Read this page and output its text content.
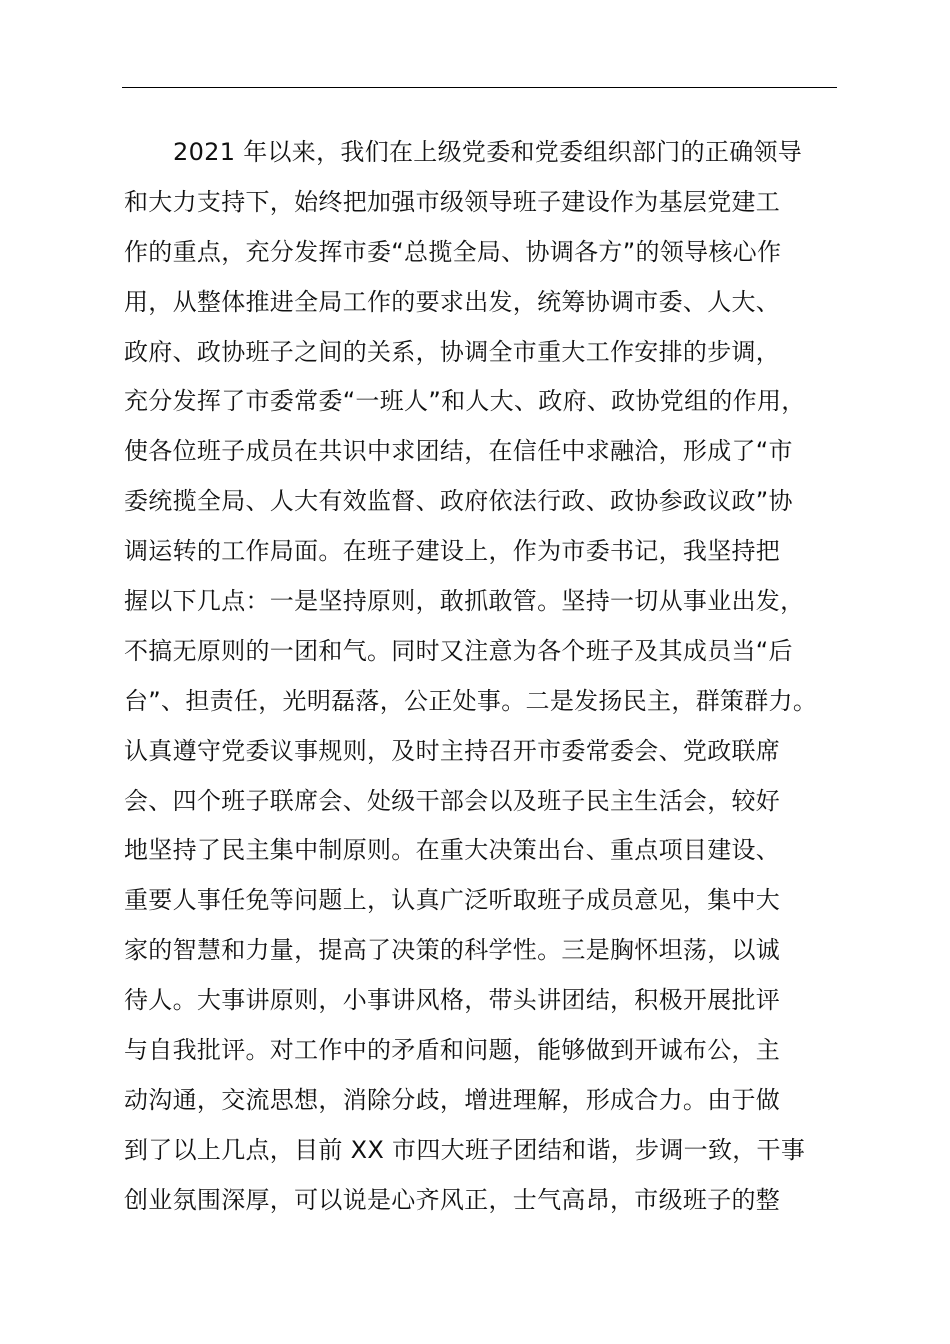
2021 年以来，我们在上级党委和党委组织部门的正确领导
和大力支持下，始终把加强市级领导班子建设作为基层党建工
作的重点，充分发挥市委“总揽全局、协调各方”的领导核心作
用，从整体推进全局工作的要求出发，统筹协调市委、人大、
政府、政协班子之间的关系，协调全市重大工作安排的步调，
充分发挥了市委常委“一班人”和人大、政府、政协党组的作用，
使各位班子成员在共识中求团结，在信任中求融洽，形成了“市
委统揽全局、人大有效监督、政府依法行政、政协参政议政”协
调运转的工作局面。在班子建设上，作为市委书记，我坚持把
握以下几点：一是坚持原则，敢抓敢管。坚持一切从事业出发，
不搞无原则的一团和气。同时又注意为各个班子及其成员当“后
台”、担责任，光明磊落，公正处事。二是发扬民主，群策群力。
认真遵守党委议事规则，及时主持召开市委常委会、党政联席
会、四个班子联席会、处级干部会以及班子民主生活会，较好
地坚持了民主集中制原则。在重大决策出台、重点项目建设、
重要人事任免等问题上，认真广泛听取班子成员意见，集中大
家的智慧和力量，提高了决策的科学性。三是胸怀坦荡，以诚
待人。大事讲原则，小事讲风格，带头讲团结，积极开展批评
与自我批评。对工作中的矛盾和问题，能够做到开诚布公，主
动沟通，交流思想，消除分歧，增进理解，形成合力。由于做
到了以上几点，目前 XX 市四大班子团结和谐，步调一致，干事
创业氛围深厚，可以说是心齐风正，士气高昂，市级班子的整
